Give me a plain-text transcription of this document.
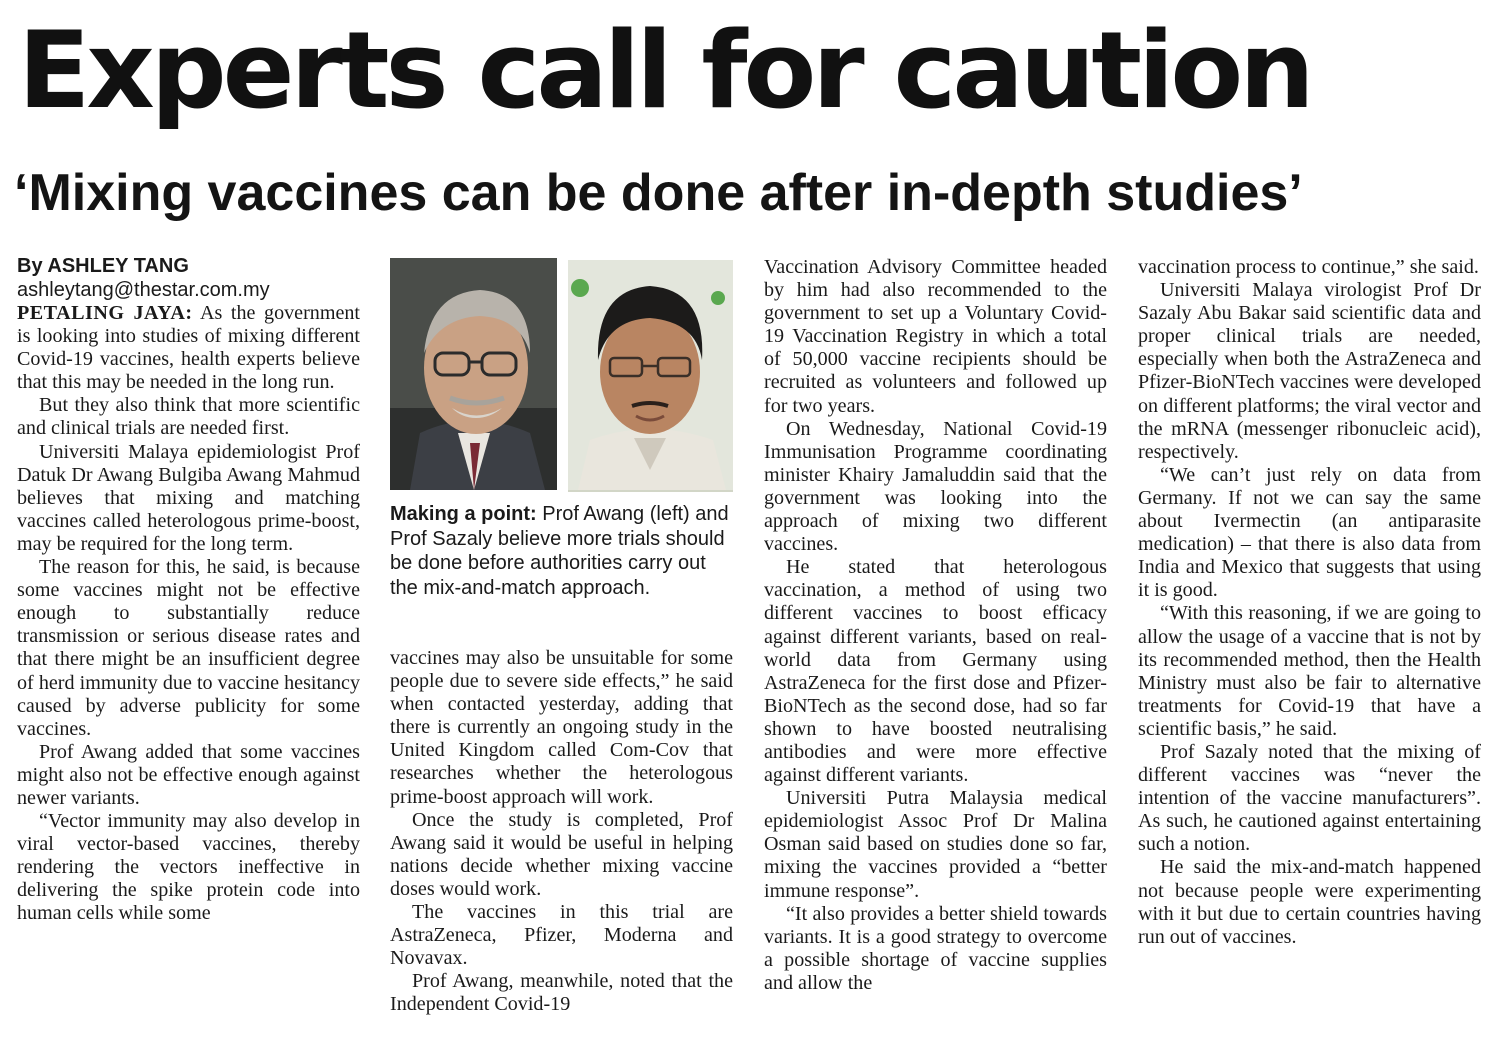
Experts call for caution
‘Mixing vaccines can be done after in-depth studies’

By ASHLEY TANG

ashleytang@thestar.com.my

PETALING JAYA: As the government is looking into studies of mixing different Covid-19 vaccines, health experts believe that this may be needed in the long run.

But they also think that more scientific and clinical trials are needed first.

Universiti Malaya epidemiologist Prof Datuk Dr Awang Bulgiba Awang Mahmud believes that mixing and matching vaccines called heterologous prime-boost, may be required for the long term.

The reason for this, he said, is because some vaccines might not be effective enough to substantially reduce transmission or serious disease rates and that there might be an insufficient degree of herd immunity due to vaccine hesitancy caused by adverse publicity for some vaccines.

Prof Awang added that some vaccines might also not be effective enough against newer variants.

“Vector immunity may also develop in viral vector-based vaccines, thereby rendering the vectors ineffective in delivering the spike protein code into human cells while some

Making a point: Prof Awang (left) and Prof Sazaly believe more trials should be done before authorities carry out the mix-and-match approach.

vaccines may also be unsuitable for some people due to severe side effects,” he said when contacted yesterday, adding that there is currently an ongoing study in the United Kingdom called Com-Cov that researches whether the heterologous prime-boost approach will work.

Once the study is completed, Prof Awang said it would be useful in helping nations decide whether mixing vaccine doses would work.

The vaccines in this trial are AstraZeneca, Pfizer, Moderna and Novavax.

Prof Awang, meanwhile, noted that the Independent Covid-19

Vaccination Advisory Committee headed by him had also recommended to the government to set up a Voluntary Covid-19 Vaccination Registry in which a total of 50,000 vaccine recipients should be recruited as volunteers and followed up for two years.

On Wednesday, National Covid-19 Immunisation Programme coordinating minister Khairy Jamaluddin said that the government was looking into the approach of mixing two different vaccines.

He stated that heterologous vaccination, a method of using two different vaccines to boost efficacy against different variants, based on real-world data from Germany using AstraZeneca for the first dose and Pfizer-BioNTech as the second dose, had so far shown to have boosted neutralising antibodies and were more effective against different variants.

Universiti Putra Malaysia medical epidemiologist Assoc Prof Dr Malina Osman said based on studies done so far, mixing the vaccines provided a “better immune response”.

“It also provides a better shield towards variants. It is a good strategy to overcome a possible shortage of vaccine supplies and allow the

vaccination process to continue,” she said.

Universiti Malaya virologist Prof Dr Sazaly Abu Bakar said scientific data and proper clinical trials are needed, especially when both the AstraZeneca and Pfizer-BioNTech vaccines were developed on different platforms; the viral vector and the mRNA (messenger ribonucleic acid), respectively.

“We can’t just rely on data from Germany. If not we can say the same about Ivermectin (an antiparasite medication) – that there is also data from India and Mexico that suggests that using it is good.

“With this reasoning, if we are going to allow the usage of a vaccine that is not by its recommended method, then the Health Ministry must also be fair to alternative treatments for Covid-19 that have a scientific basis,” he said.

Prof Sazaly noted that the mixing of different vaccines was “never the intention of the vaccine manufacturers”. As such, he cautioned against entertaining such a notion.

He said the mix-and-match happened not because people were experimenting with it but due to certain countries having run out of vaccines.
